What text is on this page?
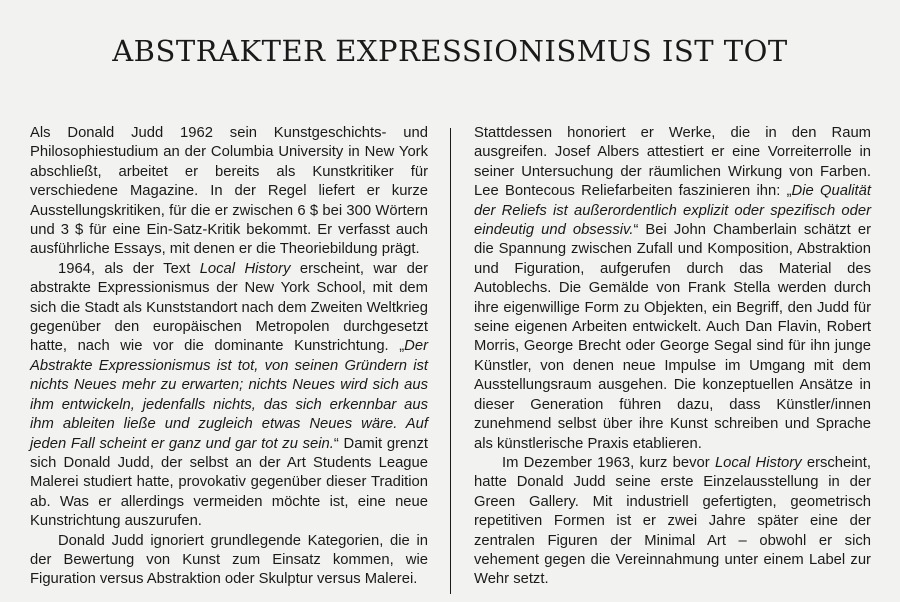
ABSTRAKTER EXPRESSIONISMUS IST TOT

Als Donald Judd 1962 sein Kunstgeschichts- und Philosophiestudium an der Columbia University in New York abschließt, arbeitet er bereits als Kunstkritiker für verschiedene Magazine. In der Regel liefert er kurze Ausstellungskritiken, für die er zwischen 6 $ bei 300 Wörtern und 3 $ für eine Ein-Satz-Kritik bekommt. Er verfasst auch ausführliche Essays, mit denen er die Theoriebildung prägt.

1964, als der Text Local History erscheint, war der abstrakte Expressionismus der New York School, mit dem sich die Stadt als Kunststandort nach dem Zweiten Weltkrieg gegenüber den europäischen Metropolen durchgesetzt hatte, nach wie vor die dominante Kunstrichtung. „Der Abstrakte Expressionismus ist tot, von seinen Gründern ist nichts Neues mehr zu erwarten; nichts Neues wird sich aus ihm entwickeln, jedenfalls nichts, das sich erkennbar aus ihm ableiten ließe und zugleich etwas Neues wäre. Auf jeden Fall scheint er ganz und gar tot zu sein.“ Damit grenzt sich Donald Judd, der selbst an der Art Students League Malerei studiert hatte, provokativ gegenüber dieser Tradition ab. Was er allerdings vermeiden möchte ist, eine neue Kunstrichtung auszurufen.

Donald Judd ignoriert grundlegende Kategorien, die in der Bewertung von Kunst zum Einsatz kommen, wie Figuration versus Abstraktion oder Skulptur versus Malerei.

Stattdessen honoriert er Werke, die in den Raum ausgreifen. Josef Albers attestiert er eine Vorreiterrolle in seiner Untersuchung der räumlichen Wirkung von Farben. Lee Bontecous Reliefarbeiten faszinieren ihn: „Die Qualität der Reliefs ist außerordentlich explizit oder spezifisch oder eindeutig und obsessiv.“ Bei John Chamberlain schätzt er die Spannung zwischen Zufall und Komposition, Abstraktion und Figuration, aufgerufen durch das Material des Autoblechs. Die Gemälde von Frank Stella werden durch ihre eigenwillige Form zu Objekten, ein Begriff, den Judd für seine eigenen Arbeiten entwickelt. Auch Dan Flavin, Robert Morris, George Brecht oder George Segal sind für ihn junge Künstler, von denen neue Impulse im Umgang mit dem Ausstellungsraum ausgehen. Die konzeptuellen Ansätze in dieser Generation führen dazu, dass Künstler/innen zunehmend selbst über ihre Kunst schreiben und Sprache als künstlerische Praxis etablieren.

Im Dezember 1963, kurz bevor Local History erscheint, hatte Donald Judd seine erste Einzelausstellung in der Green Gallery. Mit industriell gefertigten, geometrisch repetitiven Formen ist er zwei Jahre später eine der zentralen Figuren der Minimal Art – obwohl er sich vehement gegen die Vereinnahmung unter einem Label zur Wehr setzt.
